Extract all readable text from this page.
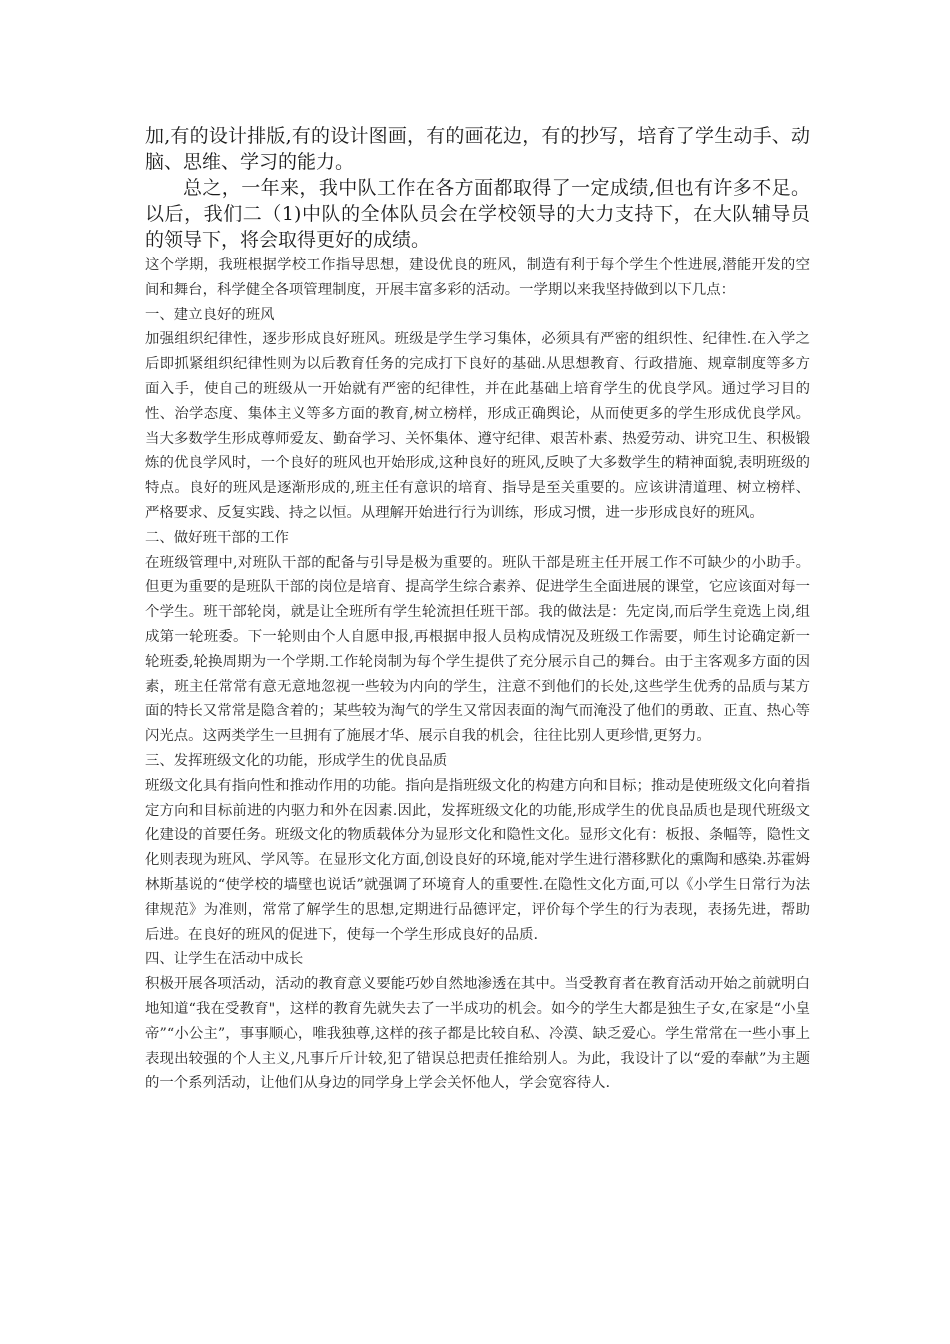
加,有的设计排版,有的设计图画，有的画花边，有的抄写，培育了学生动手、动脑、思维、学习的能力。

总之，一年来，我中队工作在各方面都取得了一定成绩,但也有许多不足。以后，我们二（1)中队的全体队员会在学校领导的大力支持下，在大队辅导员的领导下，将会取得更好的成绩。

这个学期，我班根据学校工作指导思想，建设优良的班风，制造有利于每个学生个性进展,潜能开发的空间和舞台，科学健全各项管理制度，开展丰富多彩的活动。一学期以来我坚持做到以下几点：

一、建立良好的班风

加强组织纪律性，逐步形成良好班风。班级是学生学习集体，必须具有严密的组织性、纪律性.在入学之后即抓紧组织纪律性则为以后教育任务的完成打下良好的基础.从思想教育、行政措施、规章制度等多方面入手，使自己的班级从一开始就有严密的纪律性，并在此基础上培育学生的优良学风。通过学习目的性、治学态度、集体主义等多方面的教育,树立榜样，形成正确舆论，从而使更多的学生形成优良学风。当大多数学生形成尊师爱友、勤奋学习、关怀集体、遵守纪律、艰苦朴素、热爱劳动、讲究卫生、积极锻炼的优良学风时，一个良好的班风也开始形成,这种良好的班风,反映了大多数学生的精神面貌,表明班级的特点。良好的班风是逐渐形成的,班主任有意识的培育、指导是至关重要的。应该讲清道理、树立榜样、严格要求、反复实践、持之以恒。从理解开始进行行为训练，形成习惯，进一步形成良好的班风。

二、做好班干部的工作

在班级管理中,对班队干部的配备与引导是极为重要的。班队干部是班主任开展工作不可缺少的小助手。但更为重要的是班队干部的岗位是培育、提高学生综合素养、促进学生全面进展的课堂，它应该面对每一个学生。班干部轮岗，就是让全班所有学生轮流担任班干部。我的做法是：先定岗,而后学生竞选上岗,组成第一轮班委。下一轮则由个人自愿申报,再根据申报人员构成情况及班级工作需要，师生讨论确定新一轮班委,轮换周期为一个学期.工作轮岗制为每个学生提供了充分展示自己的舞台。由于主客观多方面的因素，班主任常常有意无意地忽视一些较为内向的学生，注意不到他们的长处,这些学生优秀的品质与某方面的特长又常常是隐含着的；某些较为淘气的学生又常因表面的淘气而淹没了他们的勇敢、正直、热心等闪光点。这两类学生一旦拥有了施展才华、展示自我的机会，往往比别人更珍惜,更努力。

三、发挥班级文化的功能，形成学生的优良品质

班级文化具有指向性和推动作用的功能。指向是指班级文化的构建方向和目标；推动是使班级文化向着指定方向和目标前进的内驱力和外在因素.因此，发挥班级文化的功能,形成学生的优良品质也是现代班级文化建设的首要任务。班级文化的物质载体分为显形文化和隐性文化。显形文化有：板报、条幅等，隐性文化则表现为班风、学风等。在显形文化方面,创设良好的环境,能对学生进行潜移默化的熏陶和感染.苏霍姆林斯基说的“使学校的墙壁也说话”就强调了环境育人的重要性.在隐性文化方面,可以《小学生日常行为法律规范》为准则，常常了解学生的思想,定期进行品德评定，评价每个学生的行为表现，表扬先进，帮助后进。在良好的班风的促进下，使每一个学生形成良好的品质.

四、让学生在活动中成长

积极开展各项活动，活动的教育意义要能巧妙自然地渗透在其中。当受教育者在教育活动开始之前就明白地知道“我在受教育"，这样的教育先就失去了一半成功的机会。如今的学生大都是独生子女,在家是“小皇帝”“小公主”，事事顺心，唯我独尊,这样的孩子都是比较自私、冷漠、缺乏爱心。学生常常在一些小事上表现出较强的个人主义,凡事斤斤计较,犯了错误总把责任推给别人。为此，我设计了以“爱的奉献”为主题的一个系列活动，让他们从身边的同学身上学会关怀他人，学会宽容待人.
